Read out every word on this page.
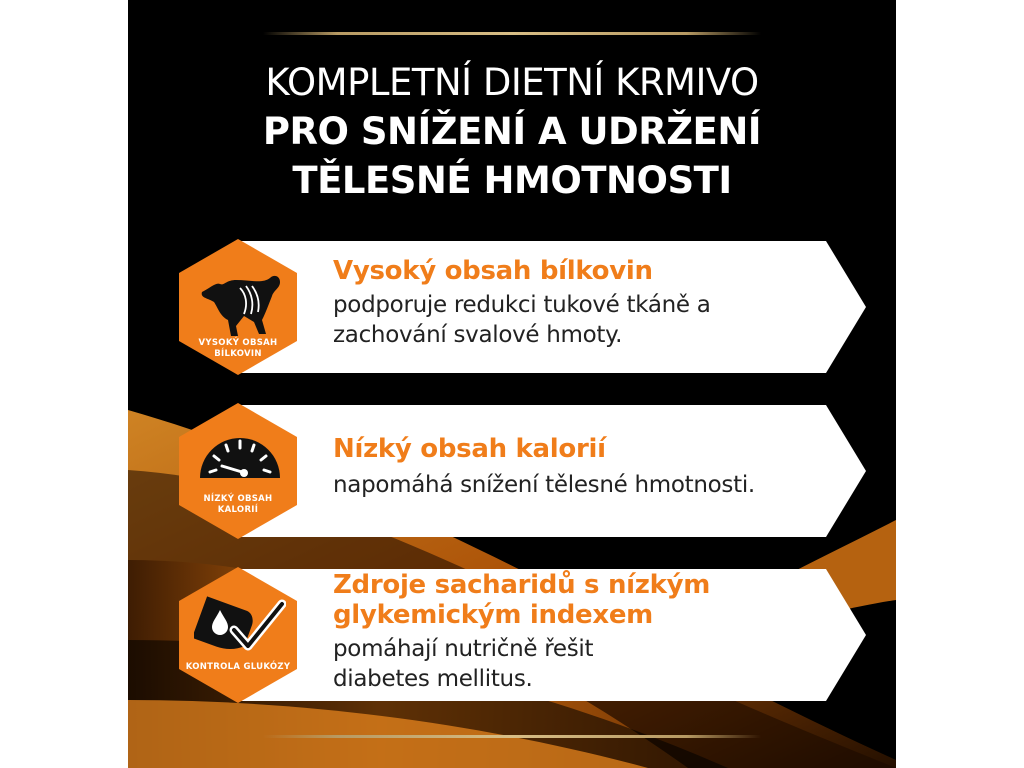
KOMPLETNÍ DIETNÍ KRMIVO
PRO SNÍŽENÍ A UDRŽENÍ
TĚLESNÉ HMOTNOSTI
VYSOKÝ OBSAH
BÍLKOVIN
Vysoký obsah bílkovin
podporuje redukci tukové tkáně a
zachování svalové hmoty.
NÍZKÝ OBSAH
KALORIÍ
Nízký obsah kalorií
napomáhá snížení tělesné hmotnosti.
KONTROLA GLUKÓZY
Zdroje sacharidů s nízkým
glykemickým indexem
pomáhají nutričně řešit
diabetes mellitus.
